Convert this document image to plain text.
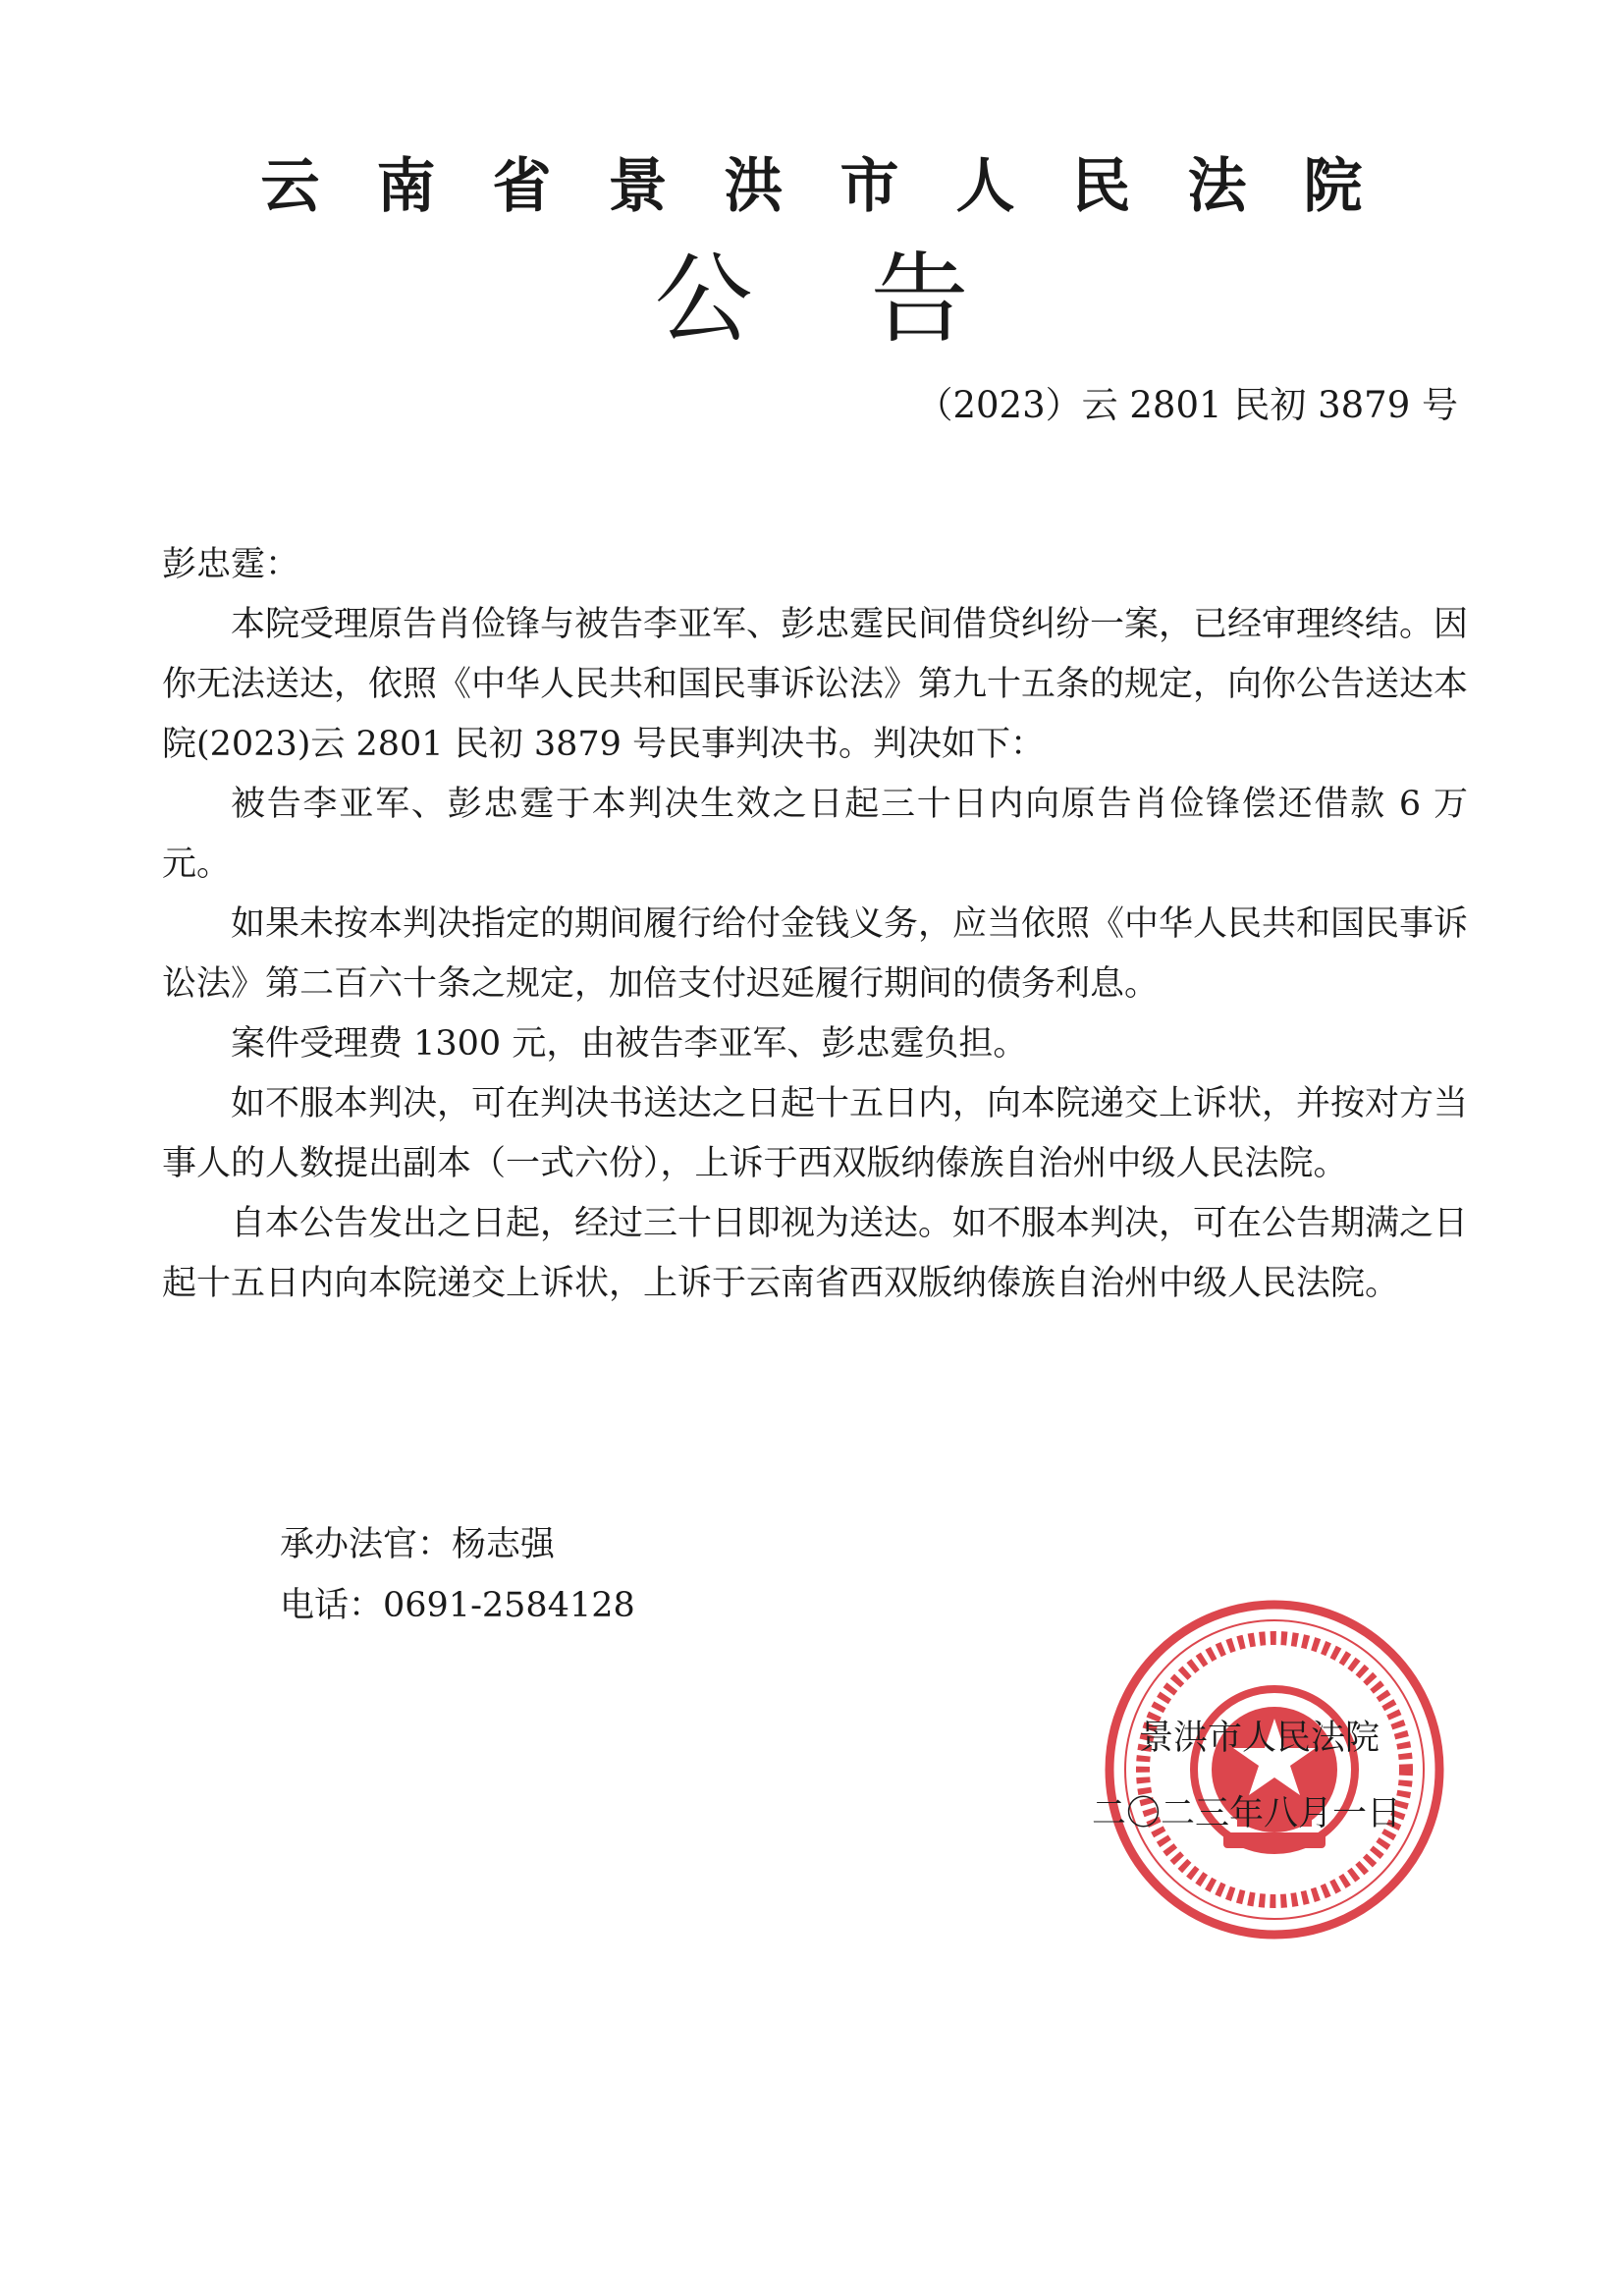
云南省景洪市人民法院
公告
（2023）云 2801 民初 3879 号

彭忠霆：

本院受理原告肖俭锋与被告李亚军、彭忠霆民间借贷纠纷一案，已经审理终结。因你无法送达，依照《中华人民共和国民事诉讼法》第九十五条的规定，向你公告送达本院(2023)云 2801 民初 3879 号民事判决书。判决如下：

被告李亚军、彭忠霆于本判决生效之日起三十日内向原告肖俭锋偿还借款 6 万元。

如果未按本判决指定的期间履行给付金钱义务，应当依照《中华人民共和国民事诉讼法》第二百六十条之规定，加倍支付迟延履行期间的债务利息。

案件受理费 1300 元，由被告李亚军、彭忠霆负担。

如不服本判决，可在判决书送达之日起十五日内，向本院递交上诉状，并按对方当事人的人数提出副本（一式六份），上诉于西双版纳傣族自治州中级人民法院。

自本公告发出之日起，经过三十日即视为送达。如不服本判决，可在公告期满之日起十五日内向本院递交上诉状，上诉于云南省西双版纳傣族自治州中级人民法院。

承办法官：杨志强
电话：0691-2584128
景洪市人民法院
二〇二三年八月一日
